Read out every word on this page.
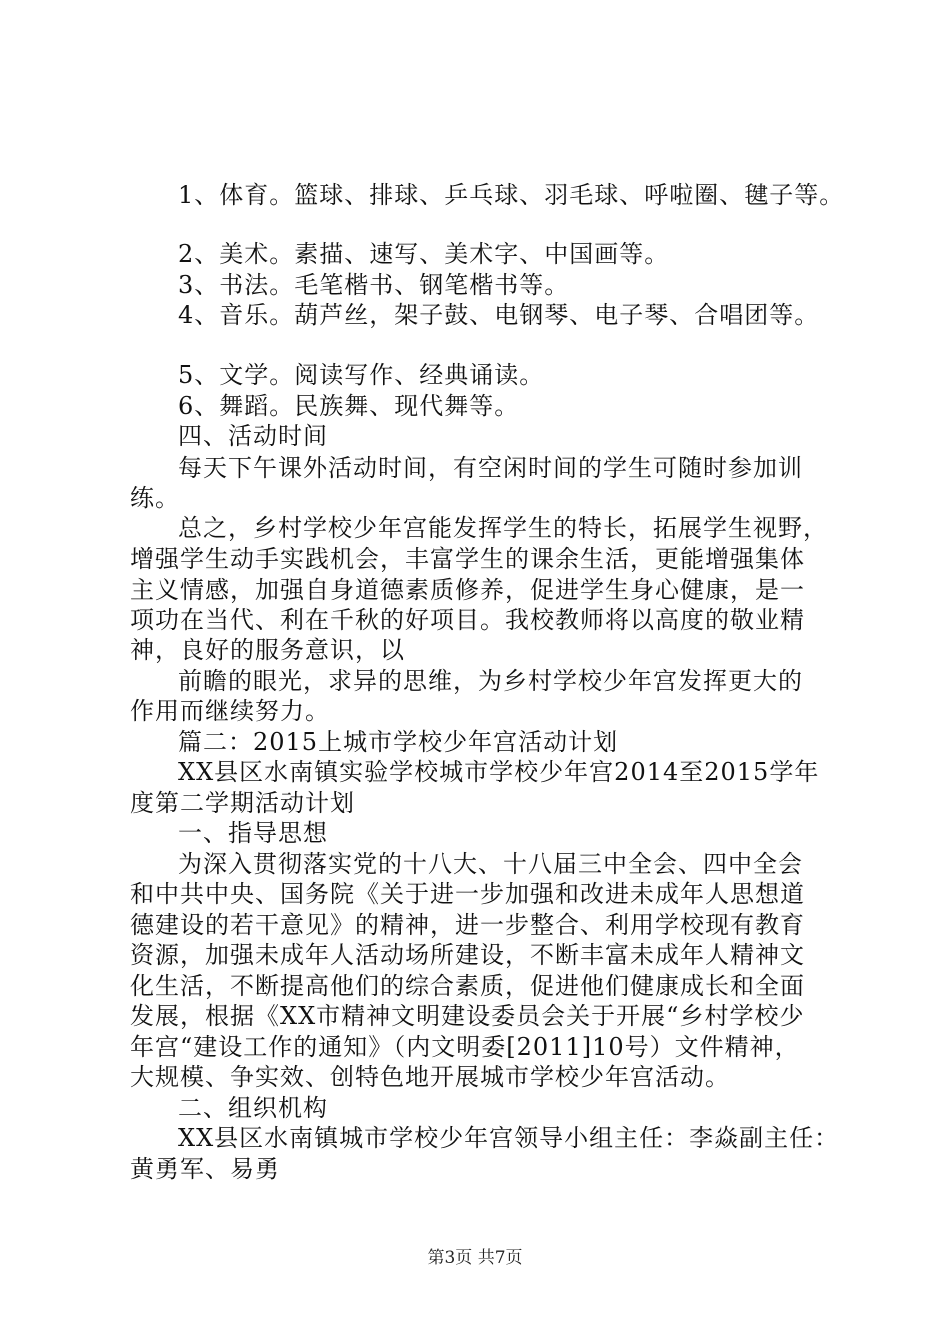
1、体育。篮球、排球、乒乓球、羽毛球、呼啦圈、毽子等。
2、美术。素描、速写、美术字、中国画等。
3、书法。毛笔楷书、钢笔楷书等。
4、音乐。葫芦丝，架子鼓、电钢琴、电子琴、合唱团等。
5、文学。阅读写作、经典诵读。
6、舞蹈。民族舞、现代舞等。
四、活动时间
每天下午课外活动时间，有空闲时间的学生可随时参加训
练。
总之，乡村学校少年宫能发挥学生的特长，拓展学生视野，
增强学生动手实践机会，丰富学生的课余生活，更能增强集体
主义情感，加强自身道德素质修养，促进学生身心健康，是一
项功在当代、利在千秋的好项目。我校教师将以高度的敬业精
神，良好的服务意识，以
前瞻的眼光，求异的思维，为乡村学校少年宫发挥更大的
作用而继续努力。
篇二：2015上城市学校少年宫活动计划
XX县区水南镇实验学校城市学校少年宫2014至2015学年
度第二学期活动计划
一、指导思想
为深入贯彻落实党的十八大、十八届三中全会、四中全会
和中共中央、国务院《关于进一步加强和改进未成年人思想道
德建设的若干意见》的精神，进一步整合、利用学校现有教育
资源，加强未成年人活动场所建设，不断丰富未成年人精神文
化生活，不断提高他们的综合素质，促进他们健康成长和全面
发展，根据《XX市精神文明建设委员会关于开展“乡村学校少
年宫“建设工作的通知》（内文明委[2011]10号）文件精神，
大规模、争实效、创特色地开展城市学校少年宫活动。
二、组织机构
XX县区水南镇城市学校少年宫领导小组主任：李焱副主任：
黄勇军、易勇
第3页 共7页
